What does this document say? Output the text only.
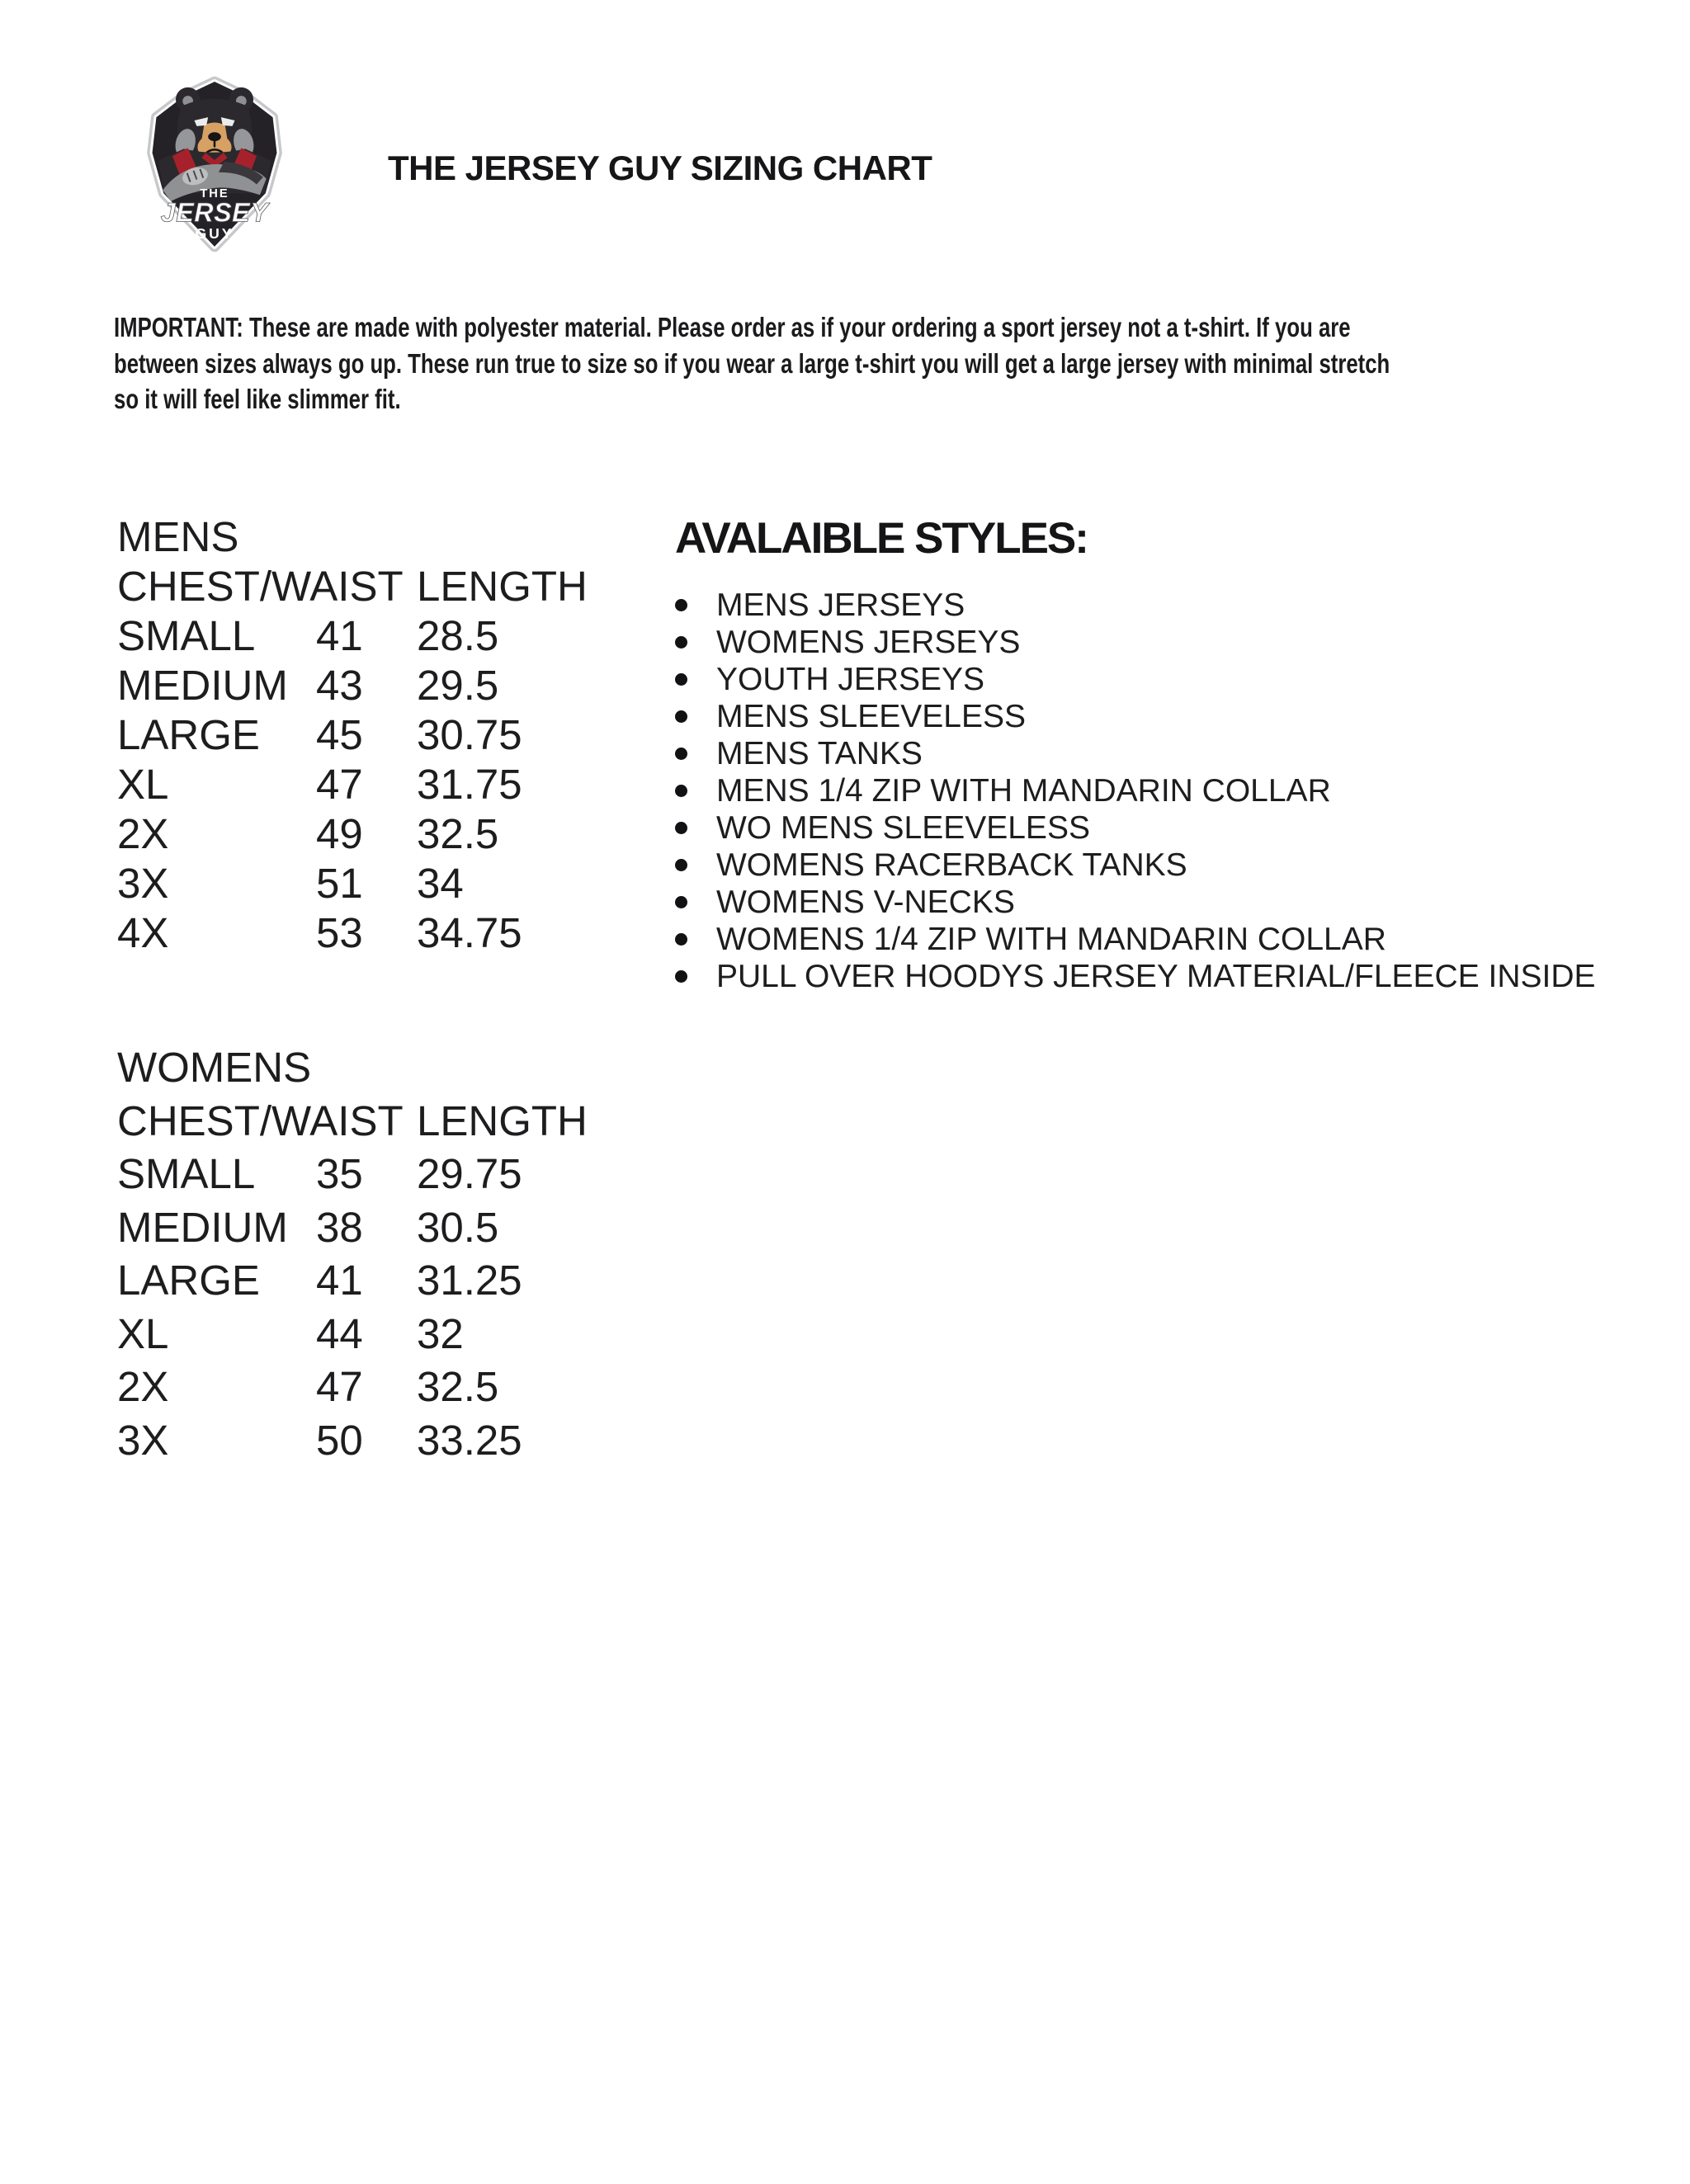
THE
JERSEY
GUY
THE JERSEY GUY SIZING CHART
IMPORTANT: These are made with polyester material. Please order as if your ordering a sport jersey not a t-shirt. If you are
between sizes always go up. These run true to size so if you wear a large t-shirt you will get a large jersey with minimal stretch
so it will feel like slimmer fit.
MENS
CHEST/WAIST LENGTH
SMALL	41	28.5
MEDIUM 43	29.5
LARGE	45	30.75
XL	47	31.75
2X	49	32.5
3X	51	34
4X	53	34.75
WOMENS
CHEST/WAIST LENGTH
SMALL	35	29.75
MEDIUM 38	30.5
LARGE	41	31.25
XL	44	32
2X	47	32.5
3X	50	33.25
AVALAIBLE STYLES:
MENS JERSEYS
WOMENS JERSEYS
YOUTH JERSEYS
MENS SLEEVELESS
MENS TANKS
MENS 1/4 ZIP WITH MANDARIN COLLAR
WO MENS SLEEVELESS
WOMENS RACERBACK TANKS
WOMENS V-NECKS
WOMENS 1/4 ZIP WITH MANDARIN COLLAR
PULL OVER HOODYS JERSEY MATERIAL/FLEECE INSIDE
